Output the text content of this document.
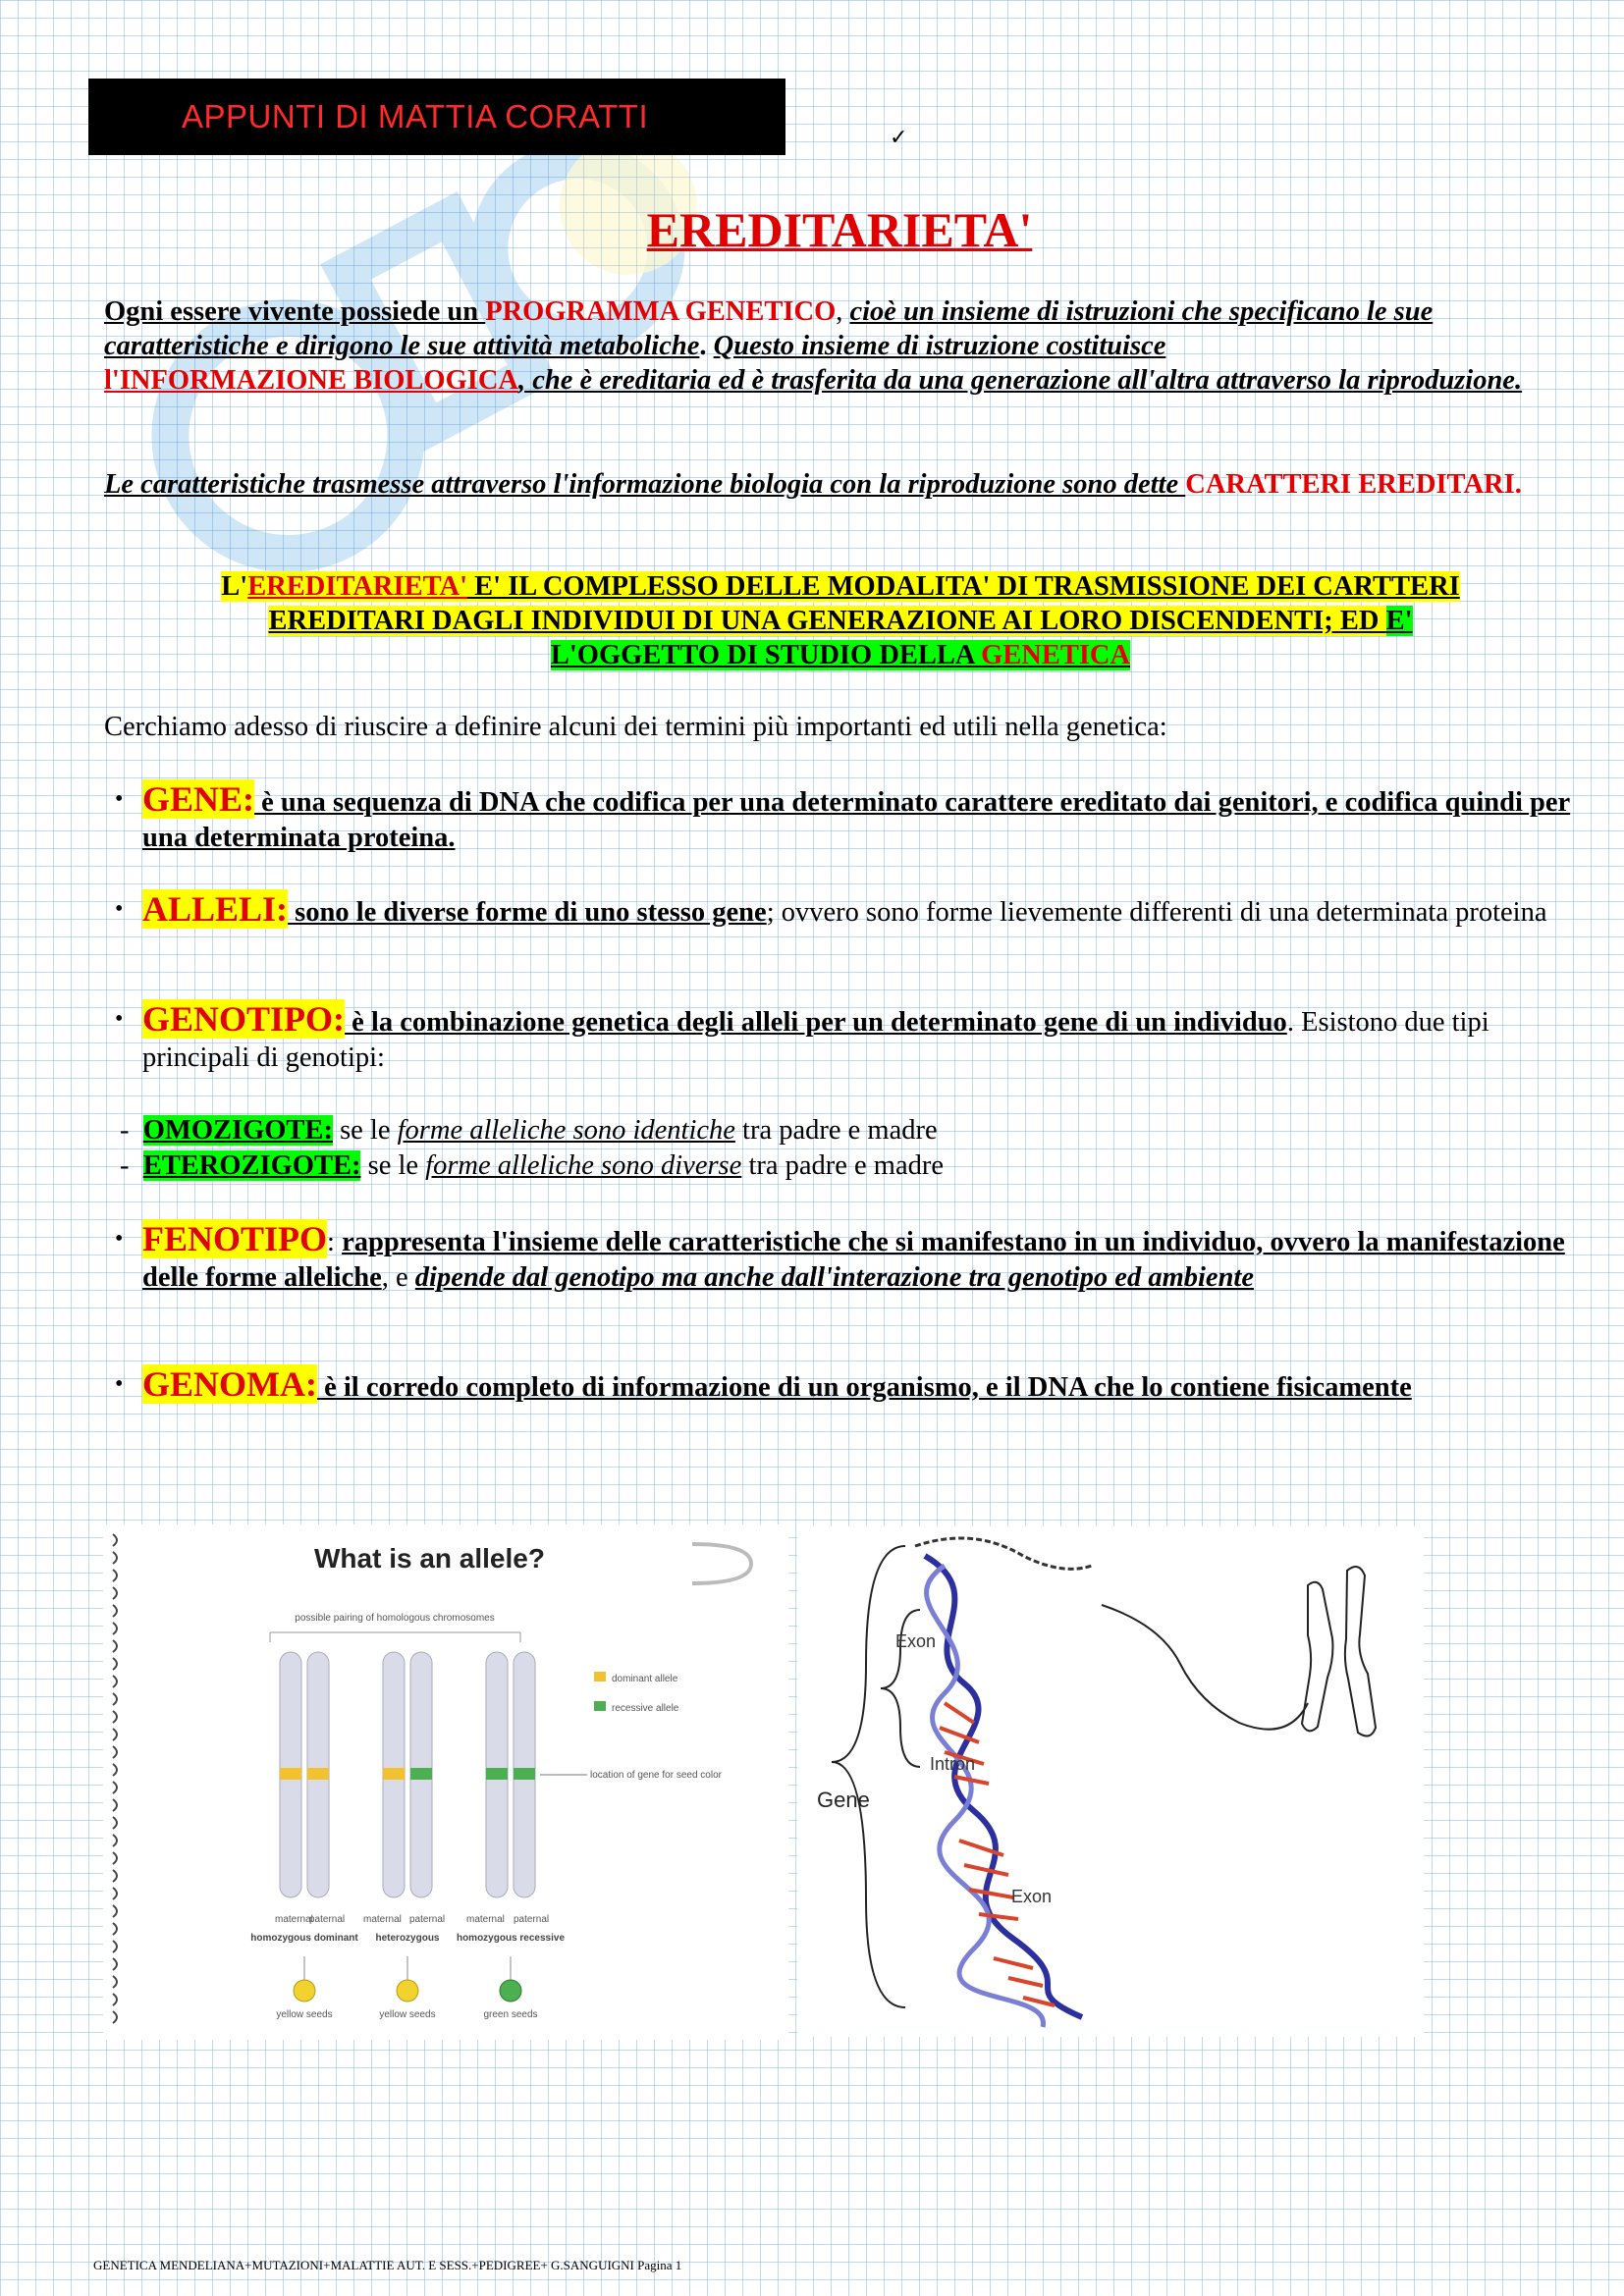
APPUNTI DI MATTIA CORATTI
✓
EREDITARIETA'
Ogni essere vivente possiede un PROGRAMMA GENETICO, cioè un insieme di istruzioni che specificano le sue caratteristiche e dirigono le sue attività metaboliche. Questo insieme di istruzione costituisce
l'INFORMAZIONE BIOLOGICA, che è ereditaria ed è trasferita da una generazione all'altra attraverso la riproduzione.
Le caratteristiche trasmesse attraverso l'informazione biologia con la riproduzione sono dette CARATTERI EREDITARI.
L'EREDITARIETA' E' IL COMPLESSO DELLE MODALITA' DI TRASMISSIONE DEI CARTTERI
EREDITARI DAGLI INDIVIDUI DI UNA GENERAZIONE AI LORO DISCENDENTI; ED E'
L'OGGETTO DI STUDIO DELLA GENETICA
Cerchiamo adesso di riuscire a definire alcuni dei termini più importanti ed utili nella genetica:
• GENE: è una sequenza di DNA che codifica per una determinato carattere ereditato dai genitori, e codifica quindi per una determinata proteina.
• ALLELI: sono le diverse forme di uno stesso gene; ovvero sono forme lievemente differenti di una determinata proteina
• GENOTIPO: è la combinazione genetica degli alleli per un determinato gene di un individuo. Esistono due tipi principali di genotipi:
-  OMOZIGOTE: se le forme alleliche sono identiche tra padre e madre
-  ETEROZIGOTE: se le forme alleliche sono diverse tra padre e madre
• FENOTIPO: rappresenta l'insieme delle caratteristiche che si manifestano in un individuo, ovvero la manifestazione delle forme alleliche, e dipende dal genotipo ma anche dall'interazione tra genotipo ed ambiente
• GENOMA: è il corredo completo di informazione di un organismo, e il DNA che lo contiene fisicamente
What is an allele?
possible pairing of homologous chromosomes
dominant allele
recessive allele
location of gene for seed color
maternal
paternal maternal paternal maternal paternal
homozygous dominant heterozygous homozygous recessive
yellow seeds	yellow seeds	green seeds
Exon
Intron
Exon
Gene
GENETICA MENDELIANA+MUTAZIONI+MALATTIE AUT. E SESS.+PEDIGREE+ G.SANGUIGNI Pagina 1
